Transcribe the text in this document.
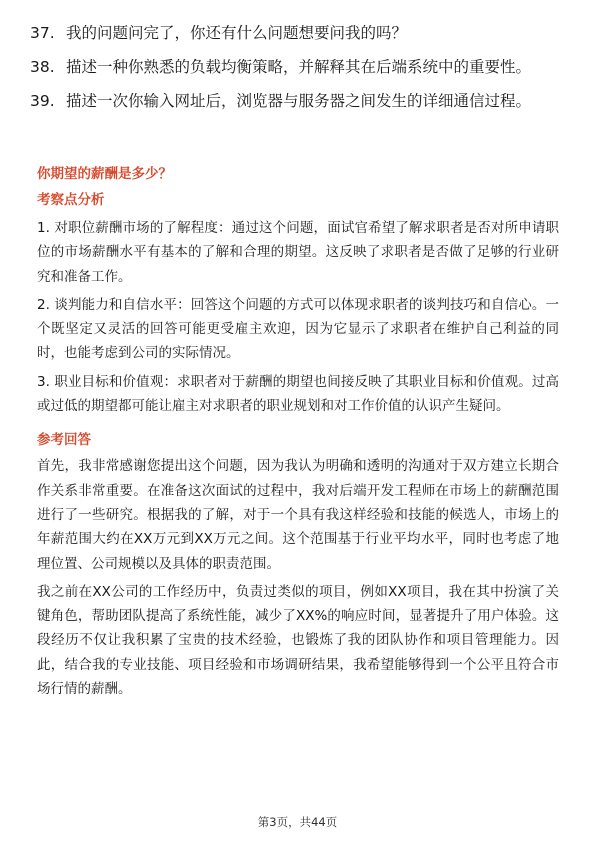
37. 我的问题问完了，你还有什么问题想要问我的吗？
38. 描述一种你熟悉的负载均衡策略，并解释其在后端系统中的重要性。
39. 描述一次你输入网址后，浏览器与服务器之间发生的详细通信过程。

你期望的薪酬是多少？

考察点分析

1. 对职位薪酬市场的了解程度：通过这个问题，面试官希望了解求职者是否对所申请职位的市场薪酬水平有基本的了解和合理的期望。这反映了求职者是否做了足够的行业研究和准备工作。

2. 谈判能力和自信水平：回答这个问题的方式可以体现求职者的谈判技巧和自信心。一个既坚定又灵活的回答可能更受雇主欢迎，因为它显示了求职者在维护自己利益的同时，也能考虑到公司的实际情况。

3. 职业目标和价值观：求职者对于薪酬的期望也间接反映了其职业目标和价值观。过高或过低的期望都可能让雇主对求职者的职业规划和对工作价值的认识产生疑问。

参考回答

首先，我非常感谢您提出这个问题，因为我认为明确和透明的沟通对于双方建立长期合作关系非常重要。在准备这次面试的过程中，我对后端开发工程师在市场上的薪酬范围进行了一些研究。根据我的了解，对于一个具有我这样经验和技能的候选人，市场上的年薪范围大约在XX万元到XX万元之间。这个范围基于行业平均水平，同时也考虑了地理位置、公司规模以及具体的职责范围。

我之前在XX公司的工作经历中，负责过类似的项目，例如XX项目，我在其中扮演了关键角色，帮助团队提高了系统性能，减少了XX%的响应时间，显著提升了用户体验。这段经历不仅让我积累了宝贵的技术经验，也锻炼了我的团队协作和项目管理能力。因此，结合我的专业技能、项目经验和市场调研结果，我希望能够得到一个公平且符合市场行情的薪酬。

第3页，共44页
